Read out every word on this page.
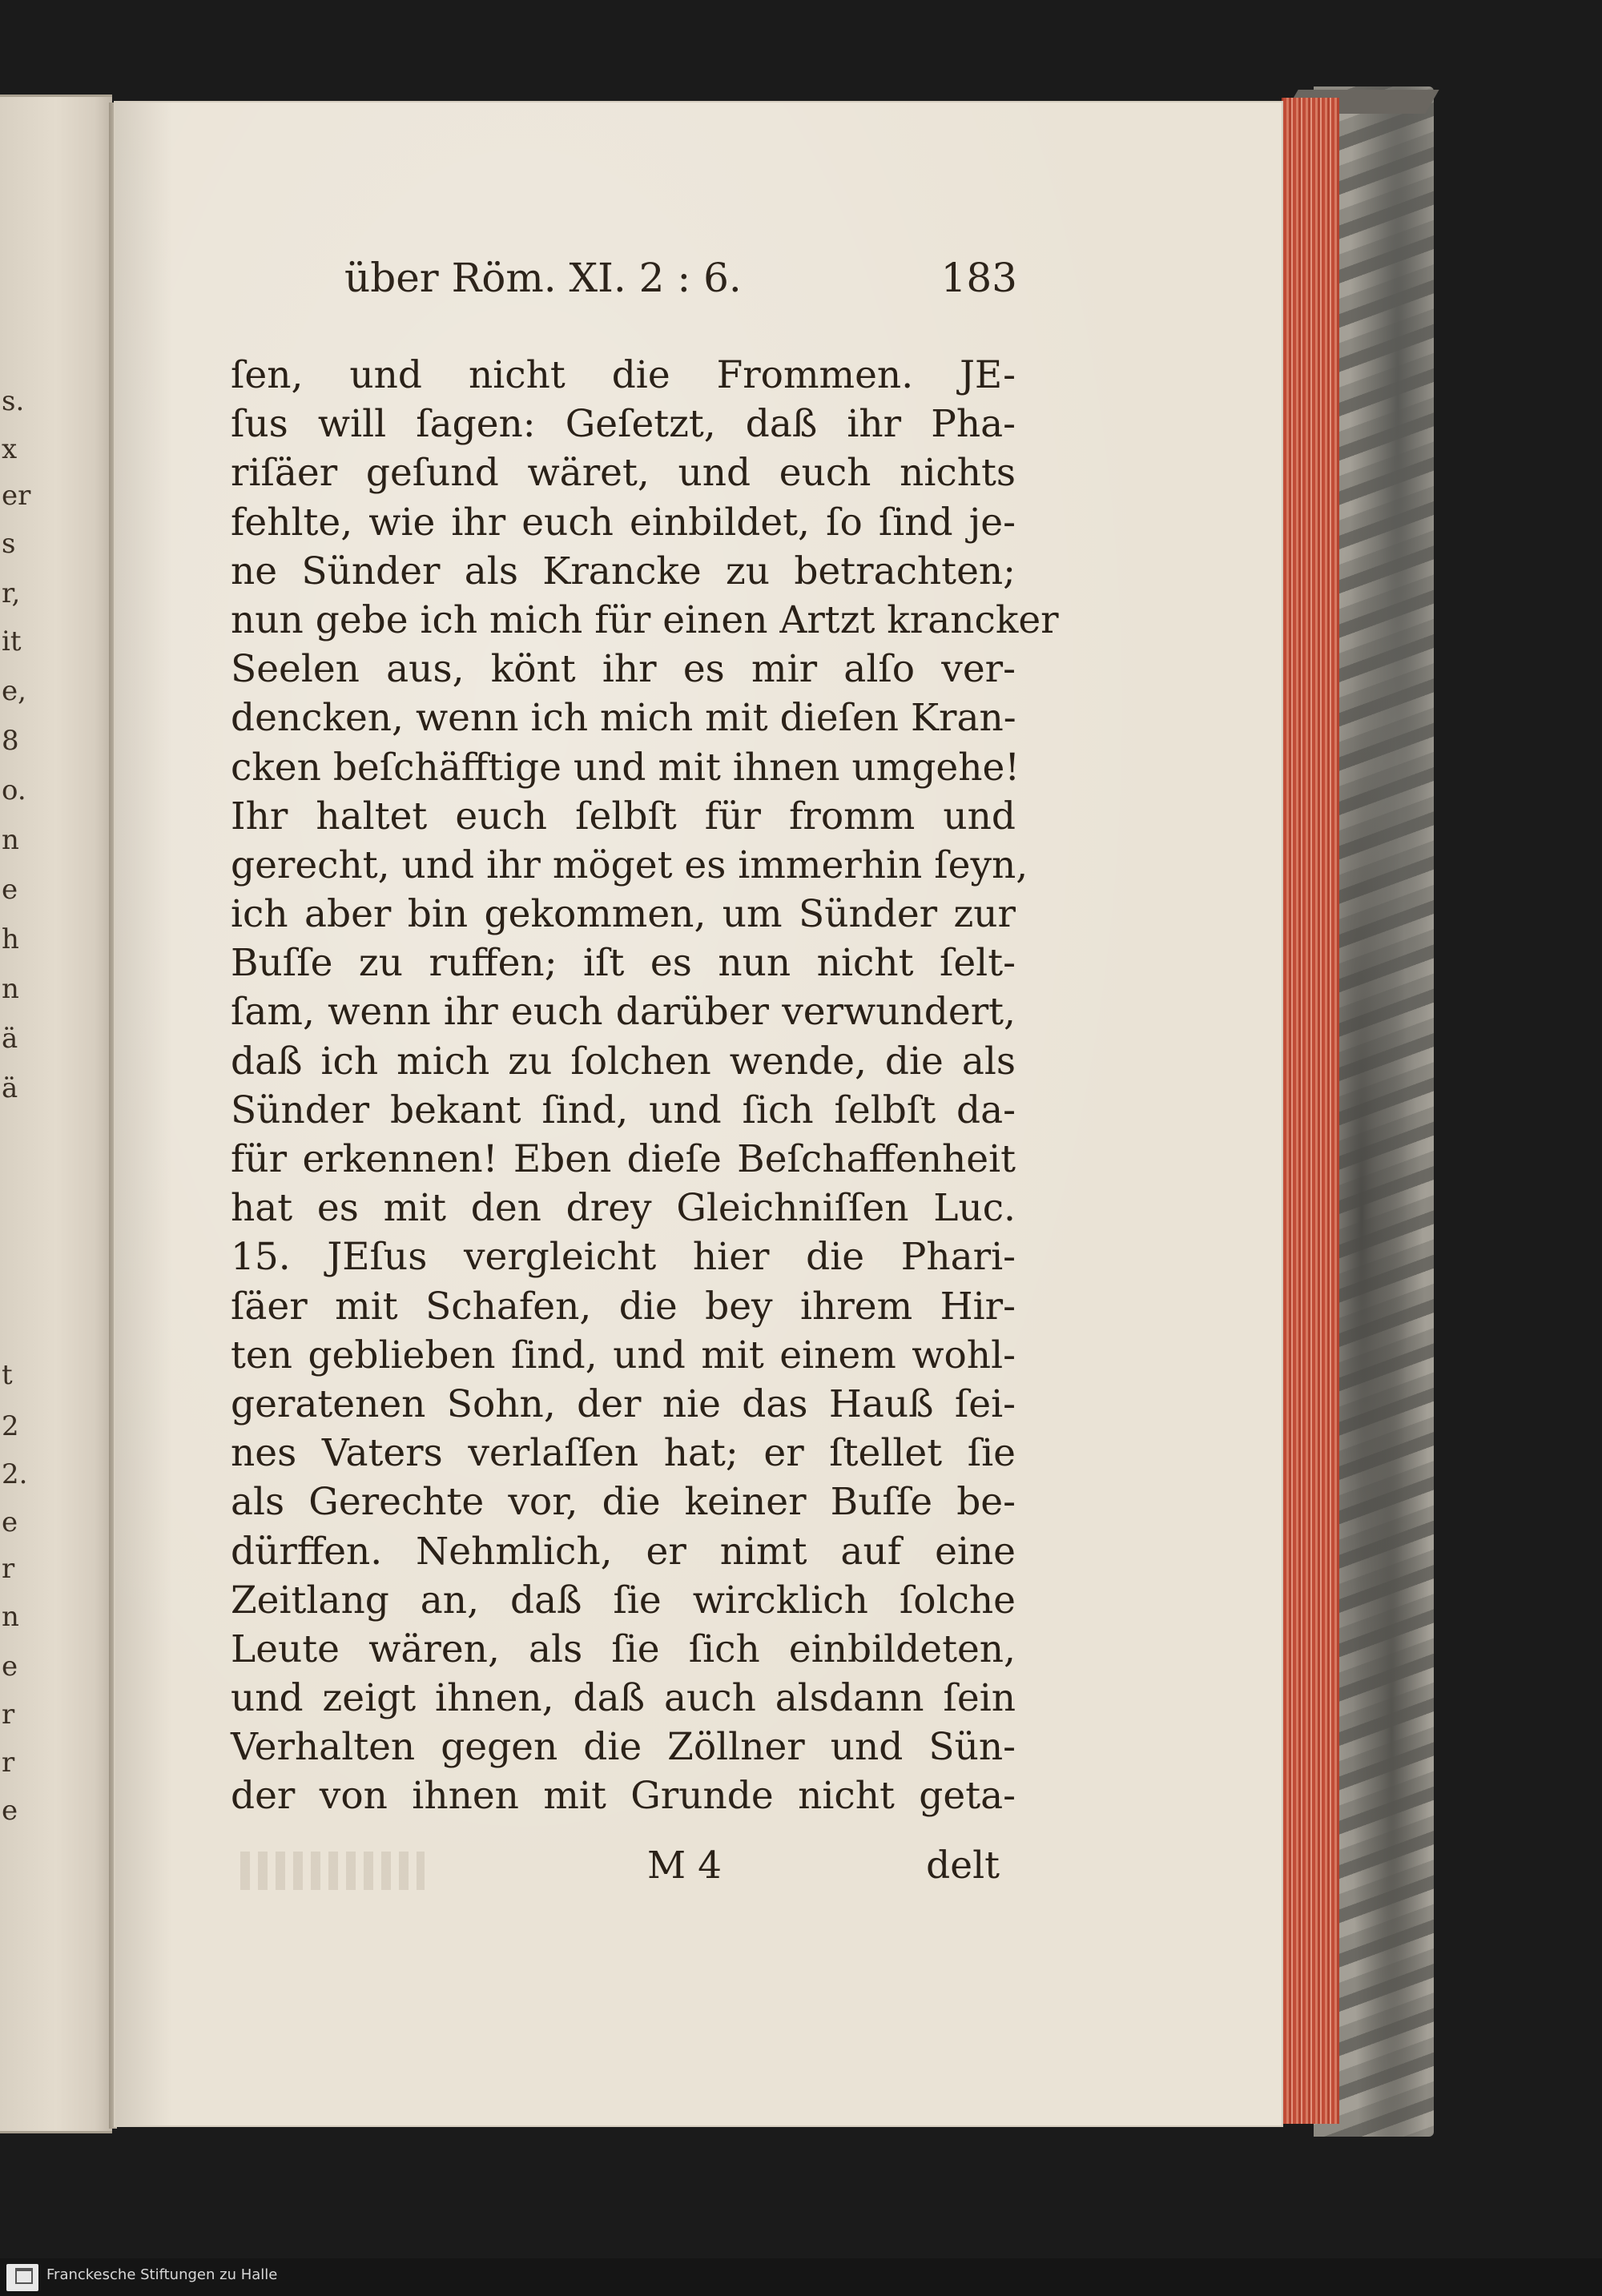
s.
x
er
s
r,
it
e,
8
o.
n
e
h
n
ä
ä
t
2
2.
e
r
n
e
r
r
e
über Röm. XI. 2 : 6.	183
ſen, und nicht die Frommen. JE-
ſus will ſagen: Geſetzt, daß ihr Pha-
riſäer geſund wäret, und euch nichts
fehlte, wie ihr euch einbildet, ſo ſind je-
ne Sünder als Krancke zu betrachten;
nun gebe ich mich für einen Artzt krancker
Seelen aus, könt ihr es mir alſo ver-
dencken, wenn ich mich mit dieſen Kran-
cken beſchäfftige und mit ihnen umgehe!
Ihr haltet euch ſelbſt für fromm und
gerecht, und ihr möget es immerhin ſeyn,
ich aber bin gekommen, um Sünder zur
Buſſe zu ruffen; iſt es nun nicht ſelt-
ſam, wenn ihr euch darüber verwundert,
daß ich mich zu ſolchen wende, die als
Sünder bekant ſind, und ſich ſelbſt da-
für erkennen! Eben dieſe Beſchaffenheit
hat es mit den drey Gleichniſſen Luc.
15. JEſus vergleicht hier die Phari-
ſäer mit Schafen, die bey ihrem Hir-
ten geblieben ſind, und mit einem wohl-
geratenen Sohn, der nie das Hauß ſei-
nes Vaters verlaſſen hat; er ſtellet ſie
als Gerechte vor, die keiner Buſſe be-
dürffen. Nehmlich, er nimt auf eine
Zeitlang an, daß ſie wircklich ſolche
Leute wären, als ſie ſich einbildeten,
und zeigt ihnen, daß auch alsdann ſein
Verhalten gegen die Zöllner und Sün-
der von ihnen mit Grunde nicht geta-
M 4	delt
Franckesche Stiftungen zu Halle
